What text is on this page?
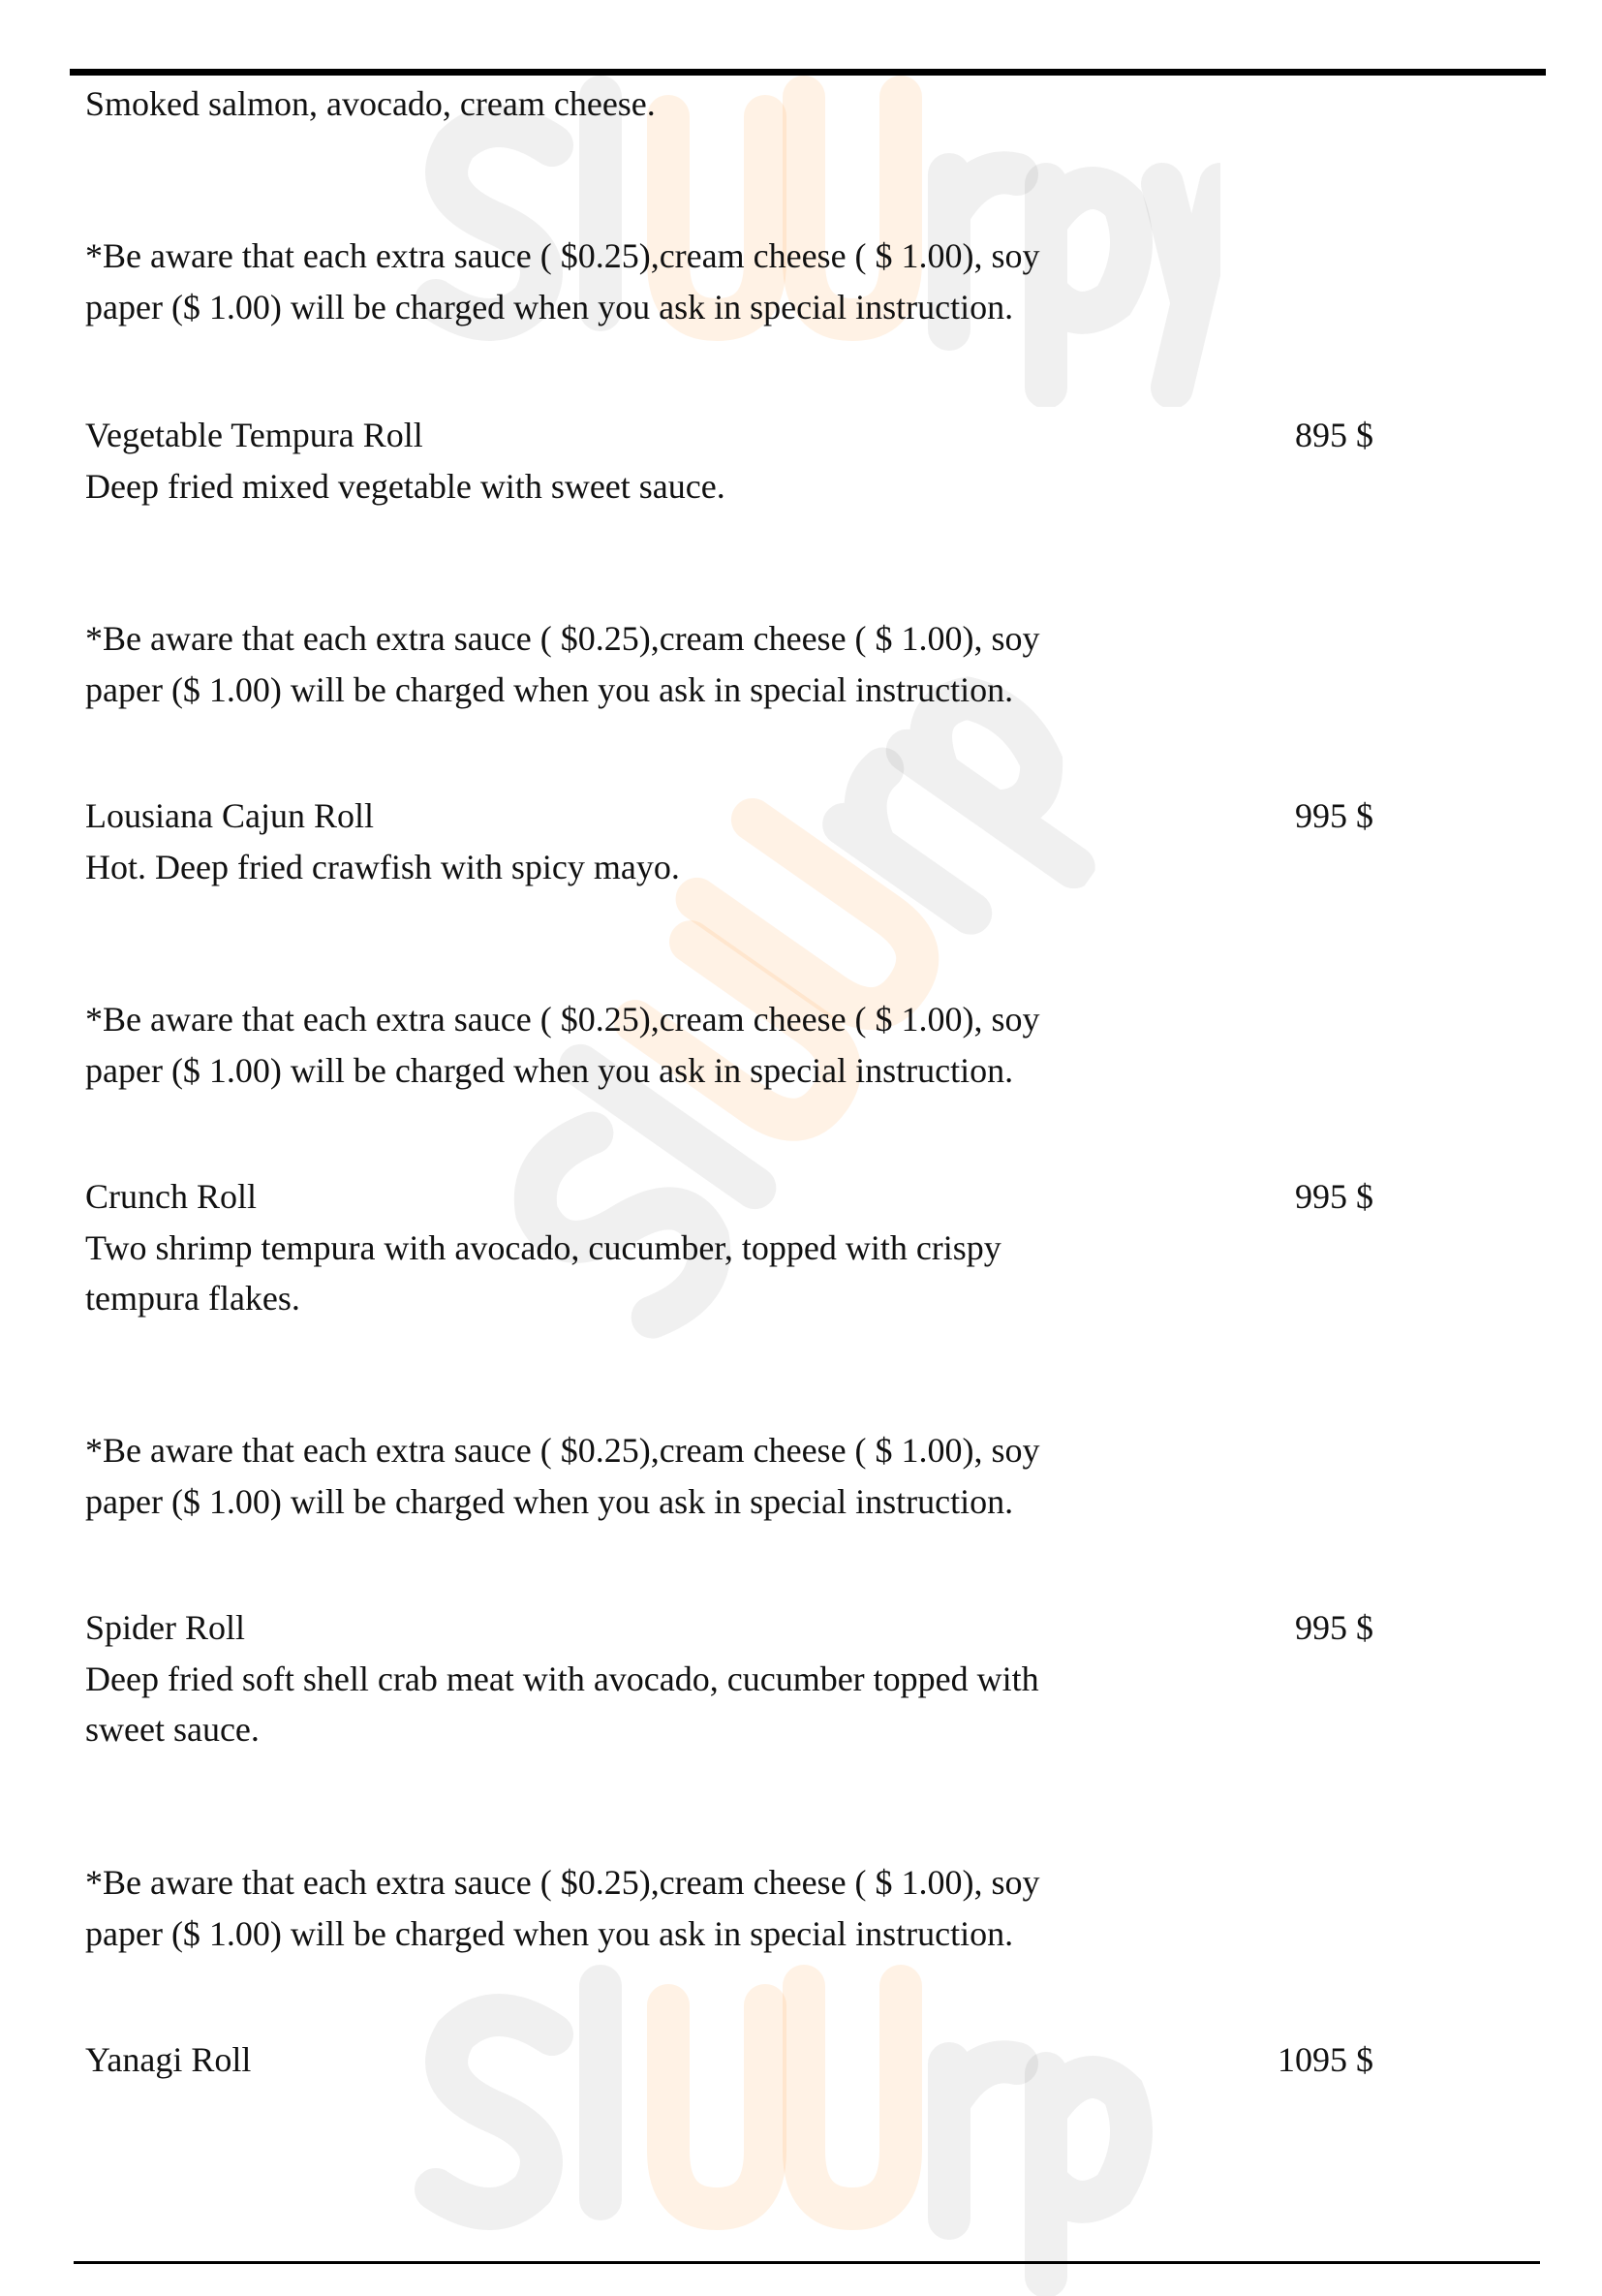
Smoked salmon, avocado, cream cheese.
*Be aware that each extra sauce ( $0.25),cream cheese ( $ 1.00), soy
paper ($ 1.00) will be charged when you ask in special instruction.
Vegetable Tempura Roll
Deep fried mixed vegetable with sweet sauce.
895 $
*Be aware that each extra sauce ( $0.25),cream cheese ( $ 1.00), soy
paper ($ 1.00) will be charged when you ask in special instruction.
Lousiana Cajun Roll
Hot. Deep fried crawfish with spicy mayo.
995 $
*Be aware that each extra sauce ( $0.25),cream cheese ( $ 1.00), soy
paper ($ 1.00) will be charged when you ask in special instruction.
Crunch Roll
Two shrimp tempura with avocado, cucumber, topped with crispy
tempura flakes.
995 $
*Be aware that each extra sauce ( $0.25),cream cheese ( $ 1.00), soy
paper ($ 1.00) will be charged when you ask in special instruction.
Spider Roll
Deep fried soft shell crab meat with avocado, cucumber topped with
sweet sauce.
995 $
*Be aware that each extra sauce ( $0.25),cream cheese ( $ 1.00), soy
paper ($ 1.00) will be charged when you ask in special instruction.
Yanagi Roll	1095 $
